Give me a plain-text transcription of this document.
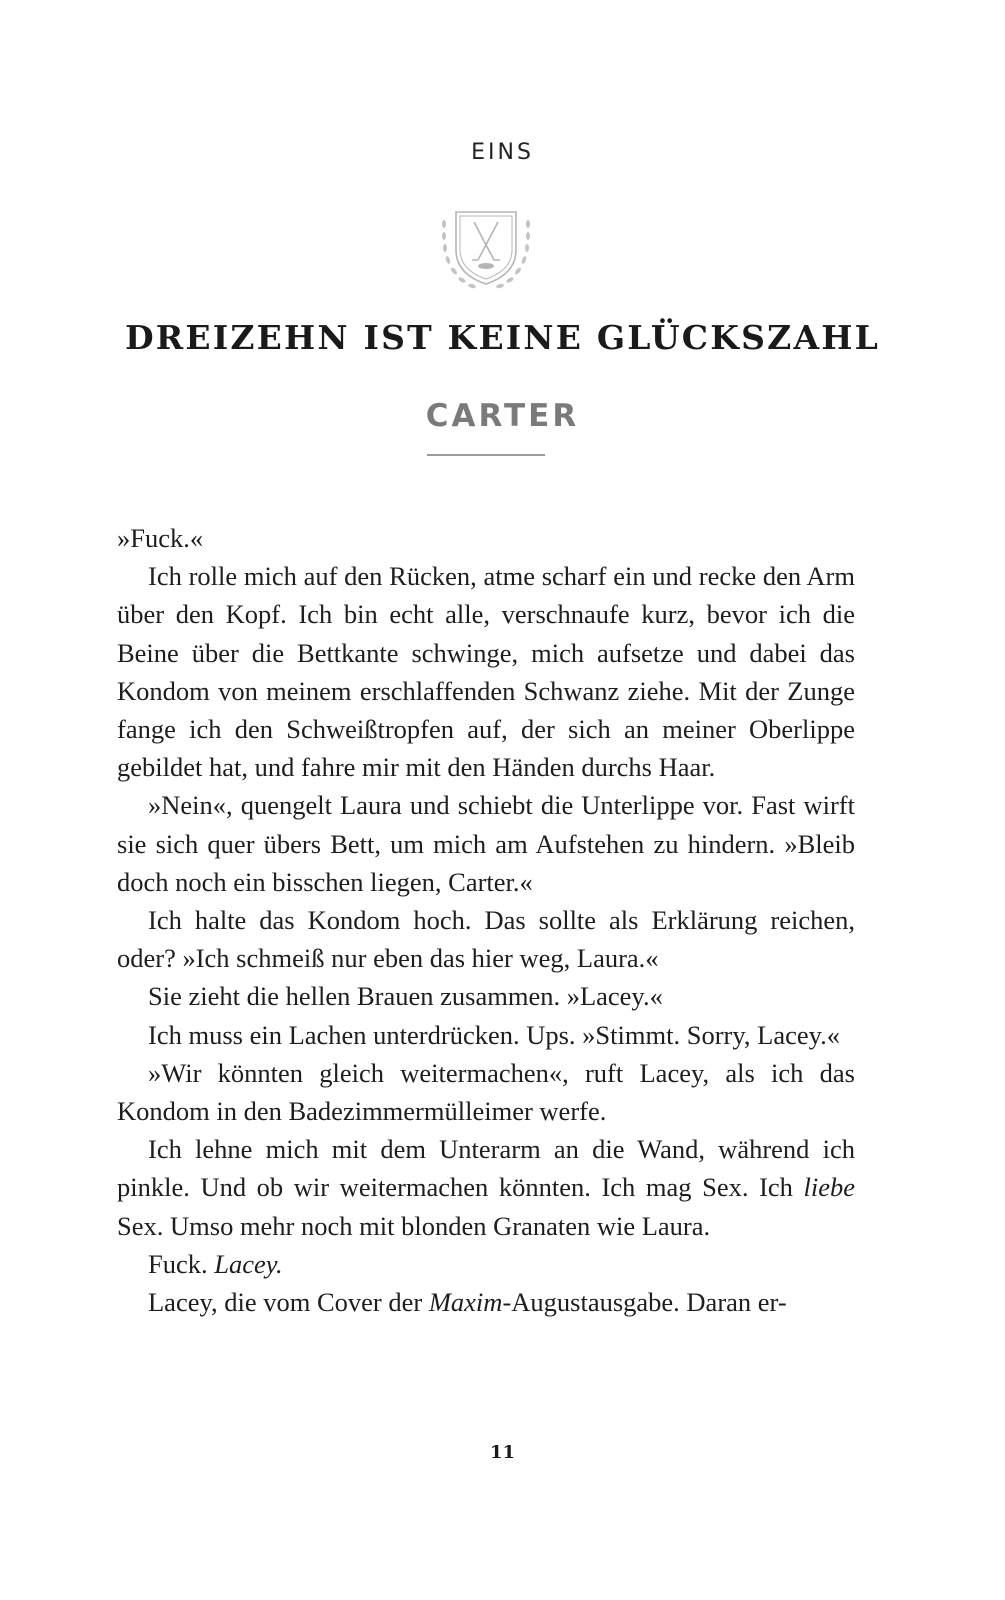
EINS
DREIZEHN IST KEINE GLÜCKSZAHL
CARTER

»Fuck.«

Ich rolle mich auf den Rücken, atme scharf ein und recke den Arm über den Kopf. Ich bin echt alle, verschnaufe kurz, bevor ich die Beine über die Bettkante schwinge, mich aufsetze und dabei das Kondom von meinem erschlaffenden Schwanz ziehe. Mit der Zunge fange ich den Schweißtropfen auf, der sich an meiner Oberlippe gebildet hat, und fahre mir mit den Händen durchs Haar.

»Nein«, quengelt Laura und schiebt die Unterlippe vor. Fast wirft sie sich quer übers Bett, um mich am Aufstehen zu hindern. »Bleib doch noch ein bisschen liegen, Carter.«

Ich halte das Kondom hoch. Das sollte als Erklärung reichen, oder? »Ich schmeiß nur eben das hier weg, Laura.«

Sie zieht die hellen Brauen zusammen. »Lacey.«

Ich muss ein Lachen unterdrücken. Ups. »Stimmt. Sorry, Lacey.«

»Wir könnten gleich weitermachen«, ruft Lacey, als ich das Kondom in den Badezimmermülleimer werfe.

Ich lehne mich mit dem Unterarm an die Wand, während ich pinkle. Und ob wir weitermachen könnten. Ich mag Sex. Ich liebe Sex. Umso mehr noch mit blonden Granaten wie Laura.

Fuck. Lacey.

Lacey, die vom Cover der Maxim-Augustausgabe. Daran er-

11
